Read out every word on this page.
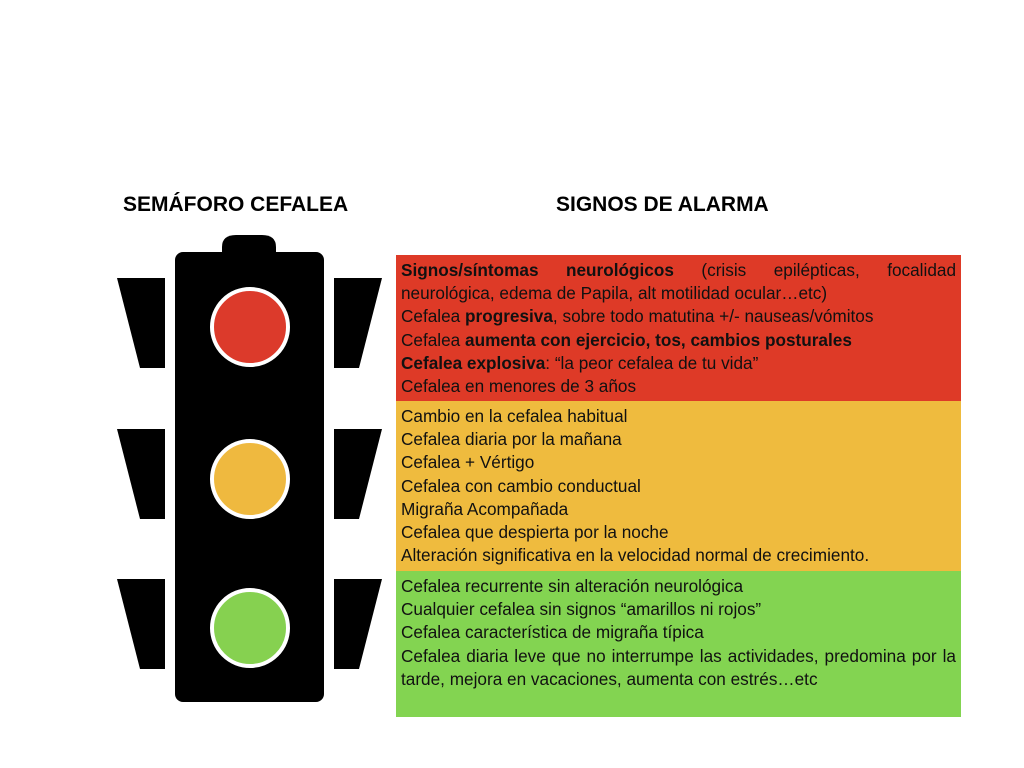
SEMÁFORO CEFALEA	SIGNOS DE ALARMA
Signos/síntomas neurológicos (crisis epilépticas, focalidad neurológica, edema de Papila, alt motilidad ocular…etc)
Cefalea progresiva, sobre todo matutina +/- nauseas/vómitos
Cefalea aumenta con ejercicio, tos, cambios posturales
Cefalea explosiva: “la peor cefalea de tu vida”
Cefalea en menores de 3 años
Cambio en la cefalea habitual
Cefalea diaria por la mañana
Cefalea + Vértigo
Cefalea con cambio conductual
Migraña Acompañada
Cefalea que despierta por la noche
Alteración significativa en la velocidad normal de crecimiento.
Cefalea recurrente sin alteración neurológica
Cualquier cefalea sin signos “amarillos ni rojos”
Cefalea característica de migraña típica
Cefalea diaria leve que no interrumpe las actividades, predomina por la tarde, mejora en vacaciones, aumenta con estrés…etc
